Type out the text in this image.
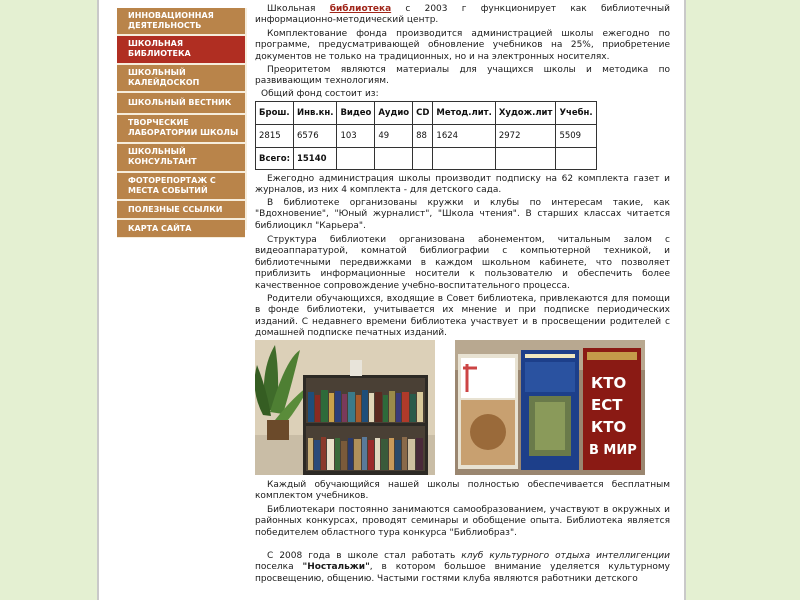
ИННОВАЦИОННАЯ
ДЕЯТЕЛЬНОСТЬ
ШКОЛЬНАЯ
БИБЛИОТЕКА
ШКОЛЬНЫЙ
КАЛЕЙДОСКОП
ШКОЛЬНЫЙ ВЕСТНИК
ТВОРЧЕСКИЕ
ЛАБОРАТОРИИ ШКОЛЫ
ШКОЛЬНЫЙ
КОНСУЛЬТАНТ
ФОТОРЕПОРТАЖ С
МЕСТА СОБЫТИЙ
ПОЛЕЗНЫЕ ССЫЛКИ
КАРТА САЙТА

Школьная библиотека с 2003 г функционирует как библиотечный информационно-методический центр.

Комплектование фонда производится администрацией школы ежегодно по программе, предусматривающей обновление учебников на 25%, приобретение документов не только на традиционных, но и на электронных носителях.

Преоритетом являются материалы для учащихся школы и методика по развивающим технологиям.

Общий фонд состоит из:

Брош.	Инв.кн.	Видео	Аудио	CD	Метод.лит.	Худож.лит	Учебн.
2815	6576	103	49	88	1624	2972	5509
Всего:	15140						

Ежегодно администрация школы производит подписку на 62 комплекта газет и журналов, из них 4 комплекта - для детского сада.

В библиотеке организованы кружки и клубы по интересам такие, как "Вдохновение", "Юный журналист", "Школа чтения". В старших классах читается библиоцикл "Карьера".

Структура библиотеки организована абонементом, читальным залом с видеоаппаратурой, комнатой библиографии с компьютерной техникой, и библиотечными передвижками в каждом школьном кабинете, что позволяет приблизить информационные носители к пользователю и обеспечить более качественное сопровождение учебно-воспитательного процесса.

Родители обучающихся, входящие в Совет библиотека, привлекаются для помощи в фонде библиотеки, учитывается их мнение и при подписке периодических изданий. С недавнего времени библиотека участвует и в просвещении родителей с домашней подписке печатных изданий.

Каждый обучающийся нашей школы полностью обеспечивается бесплатным комплектом учебников.

Библиотекари постоянно занимаются самообразованием, участвуют в окружных и районных конкурсах, проводят семинары и обобщение опыта. Библиотека является победителем областного тура конкурса "Библиобраз".

С 2008 года в школе стал работать клуб культурного отдыха интеллигенции поселка "Ностальжи", в котором большое внимание уделяется культурному просвещению, общению. Частыми гостями клуба являются работники детского

КТО
ЕСТ
КТО
В МИР
